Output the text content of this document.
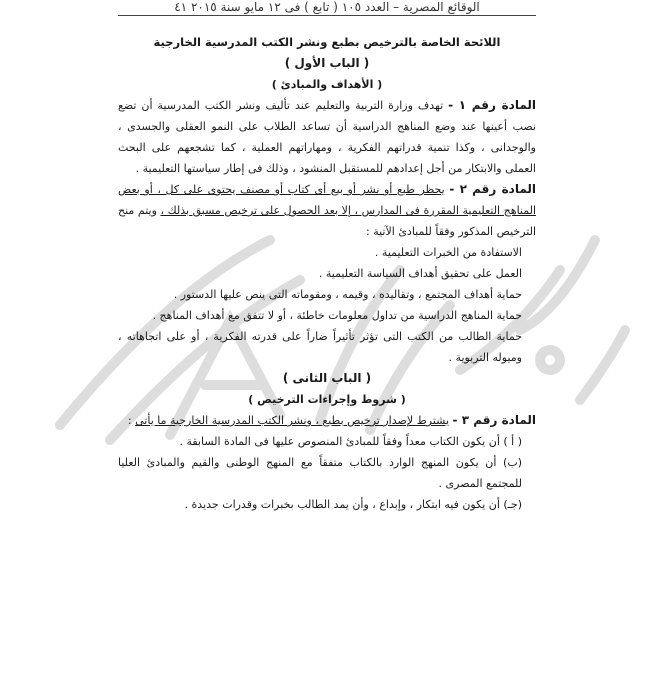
الوقائع المصرية – العدد ١٠٥ ( تابع ) فى ١٢ مايو سنة ٢٠١٥ ٤١
اللائحة الخاصة بالترخيص بطبع ونشر الكتب المدرسية الخارجية
( الباب الأول )
( الأهداف والمبادئ )
المادة رقم ١ - تهدف وزارة التربية والتعليم عند تأليف ونشر الكتب المدرسية أن تضع نصب أعينها عند وضع المناهج الدراسية أن تساعد الطلاب على النمو العقلى والجسدى ، والوجدانى ، وكذا تنمية قدراتهم الفكرية ، ومهاراتهم العملية ، كما تشجعهم على البحث العملى والابتكار من أجل إعدادهم للمستقبل المنشود ، وذلك فى إطار سياستها التعليمية .
المادة رقم ٢ - يحظر طبع أو نشر أو بيع أى كتاب أو مصنف يحتوى على كل ، أو بعض المناهج التعليمية المقررة فى المدارس ، إلا بعد الحصول على ترخيص مسبق بذلك ، ويتم منح الترخيص المذكور وفقاً للمبادئ الآتية :
الاستفادة من الخبرات التعليمية .
العمل على تحقيق أهداف السياسة التعليمية .
حماية أهداف المجتمع ، وتقاليده ، وقيمه ، ومقوماته التى ينص عليها الدستور .
حماية المناهج الدراسية من تداول معلومات خاطئة ، أو لا تتفق مع أهداف المناهج .
حماية الطالب من الكتب التى تؤثر تأثيراً ضاراً على قدرته الفكرية ، أو على اتجاهاته ، وميوله التربوية .
( الباب الثانى )
( شروط وإجراءات الترخيص )
المادة رقم ٣ - يشترط لإصدار ترخيص بطبع ، ونشر الكتب المدرسية الخارجية ما يأتى :
( أ ) أن يكون الكتاب معداً وفقاً للمبادئ المنصوص عليها فى المادة السابقة .
(ب) أن يكون المنهج الوارد بالكتاب متفقاً مع المنهج الوطنى والقيم والمبادئ العليا للمجتمع المصرى .
(جـ) أن يكون فيه ابتكار ، وإبداع ، وأن يمد الطالب بخبرات وقدرات جديدة .
